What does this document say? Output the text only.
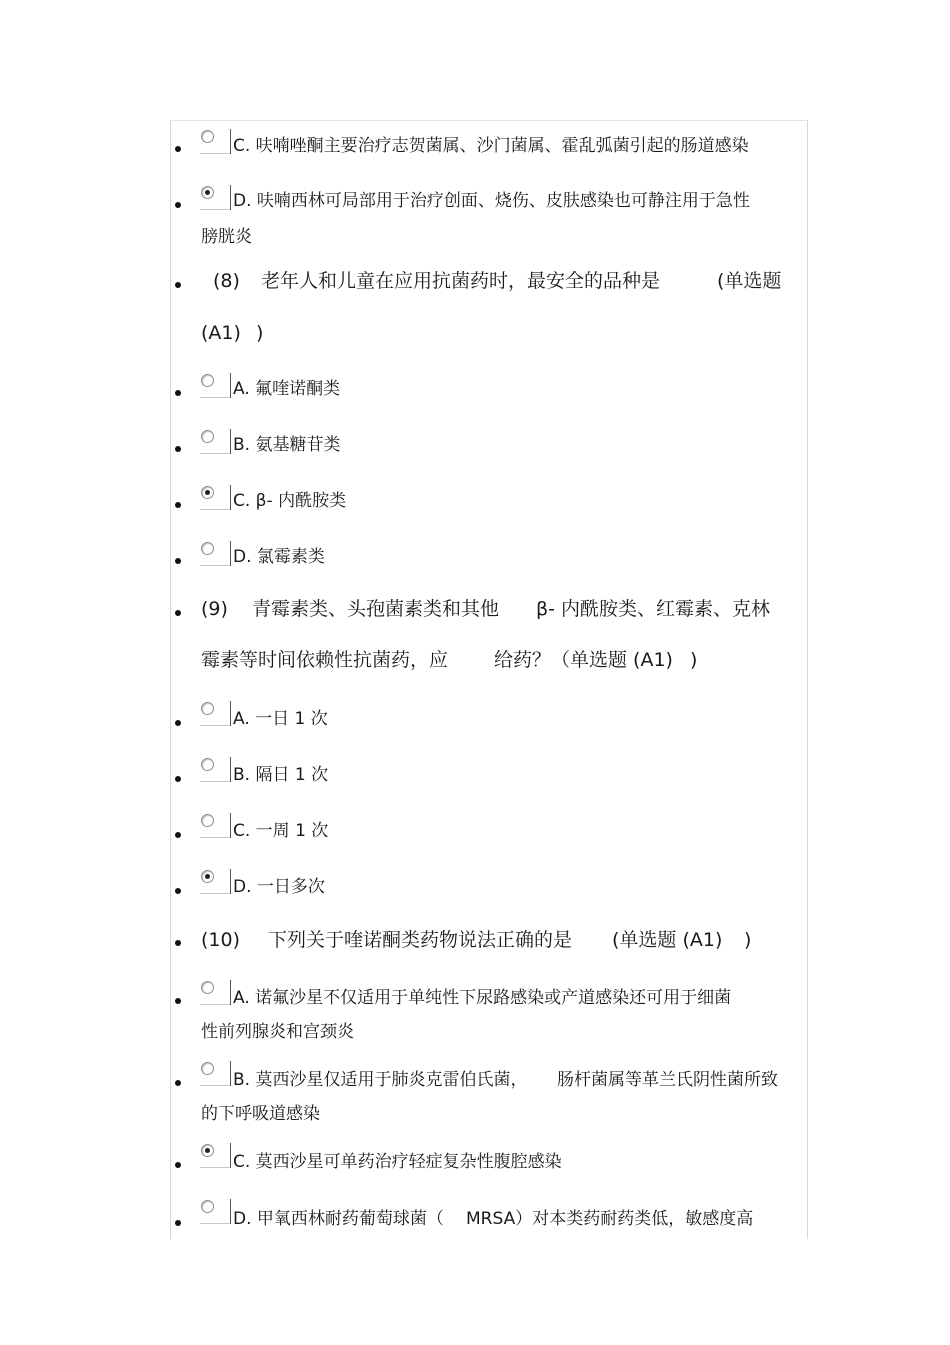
C. 呋喃唑酮主要治疗志贺菌属、沙门菌属、霍乱弧菌引起的肠道感染
D. 呋喃西林可局部用于治疗创面、烧伤、皮肤感染也可静注用于急性
膀胱炎
(8) 老年人和儿童在应用抗菌药时，最安全的品种是	(单选题
(A1) )
A. 氟喹诺酮类
B. 氨基糖苷类
C. β- 内酰胺类
D. 氯霉素类
(9) 青霉素类、头孢菌素类和其他 β- 内酰胺类、红霉素、克林
霉素等时间依赖性抗菌药，应 给药？（单选题 (A1) )
A. 一日 1 次
B. 隔日 1 次
C. 一周 1 次
D. 一日多次
(10) 下列关于喹诺酮类药物说法正确的是 (单选题 (A1) )
A. 诺氟沙星不仅适用于单纯性下尿路感染或产道感染还可用于细菌
性前列腺炎和宫颈炎
B. 莫西沙星仅适用于肺炎克雷伯氏菌， 肠杆菌属等革兰氏阴性菌所致
的下呼吸道感染
C. 莫西沙星可单药治疗轻症复杂性腹腔感染
D. 甲氧西林耐药葡萄球菌（ MRSA）对本类药耐药类低，敏感度高
